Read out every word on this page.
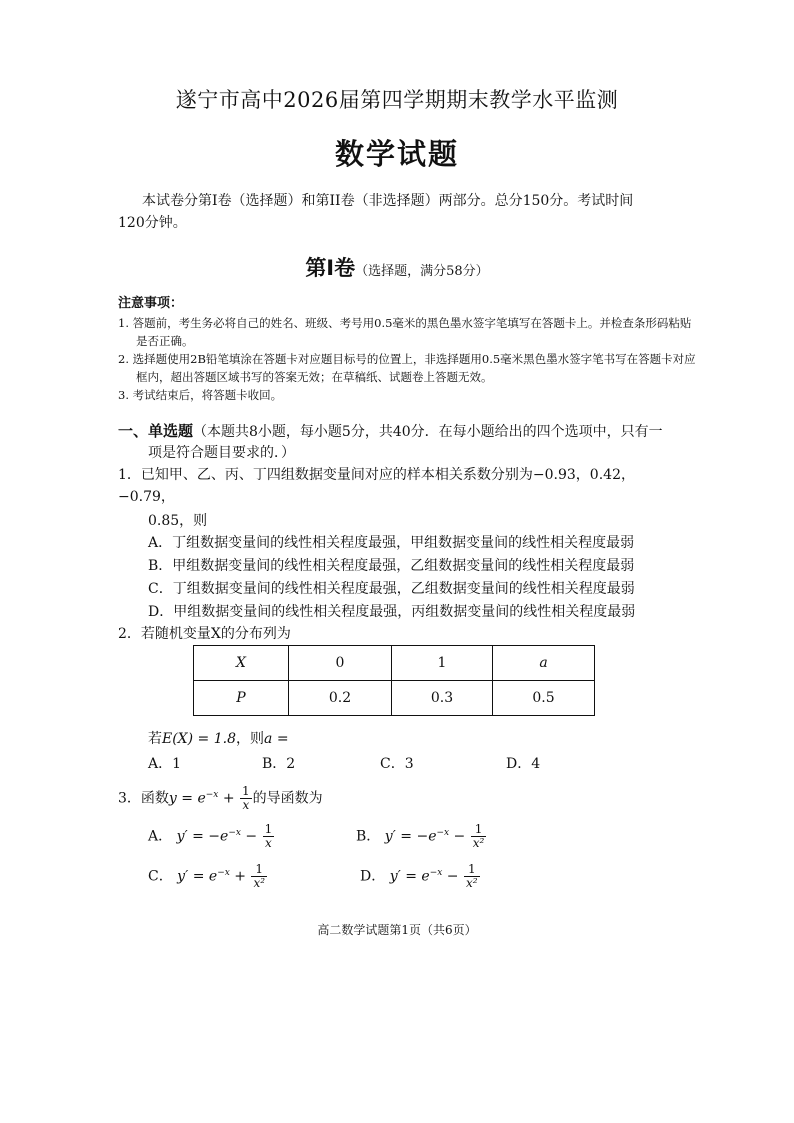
遂宁市高中2026届第四学期期末教学水平监测
数学试题
本试卷分第Ⅰ卷（选择题）和第II卷（非选择题）两部分。总分150分。考试时间
120分钟。
第Ⅰ卷（选择题，满分58分）
注意事项：
1. 答题前，考生务必将自己的姓名、班级、考号用0.5毫米的黑色墨水签字笔填写在答题卡上。并检查条形码粘贴
是否正确。
2. 选择题使用2B铅笔填涂在答题卡对应题目标号的位置上，非选择题用0.5毫米黑色墨水签字笔书写在答题卡对应
框内，超出答题区域书写的答案无效；在草稿纸、试题卷上答题无效。
3. 考试结束后，将答题卡收回。
一、单选题（本题共8小题，每小题5分，共40分．在每小题给出的四个选项中，只有一
项是符合题目要求的．）
1．已知甲、乙、丙、丁四组数据变量间对应的样本相关系数分别为−0.93，0.42，
−0.79，
0.85，则
A．丁组数据变量间的线性相关程度最强，甲组数据变量间的线性相关程度最弱
B．甲组数据变量间的线性相关程度最强，乙组数据变量间的线性相关程度最弱
C．丁组数据变量间的线性相关程度最强，乙组数据变量间的线性相关程度最弱
D．甲组数据变量间的线性相关程度最强，丙组数据变量间的线性相关程度最弱
2．若随机变量X的分布列为
X	0	1	a
P	0.2	0.3	0.5
若E(X) = 1.8，则a =
A．1	B．2	C．3	D．4
3．函数$y = e^{-x} + \frac{1}{x}$ 的导函数为
A． $y' = -e^{-x} - \frac{1}{x}$	B． $y' = -e^{-x} - \frac{1}{\text{x²}}$
C． $y' = e^{-x} + \frac{1}{\text{x²}}$	D． $y' = e^{-x} - \frac{1}{\text{x²}}$
高二数学试题第1页（共6页）
